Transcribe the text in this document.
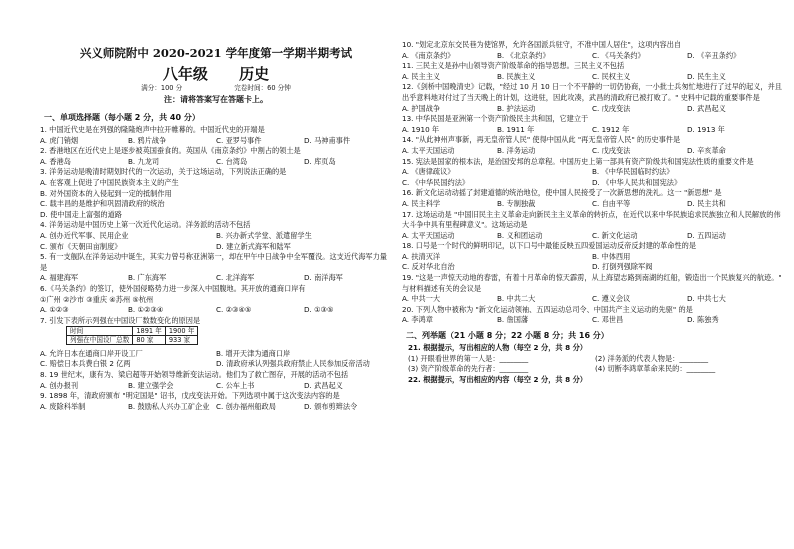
兴义师院附中 2020-2021 学年度第一学期半期考试
八年级 历史
满分：100 分	完卷时间：60 分钟
注：请将答案写在答题卡上。
一、单项选择题（每小题 2 分，共 40 分）
1. 中国近代史是在列强的隆隆炮声中拉开帷幕的。中国近代史的开端是
A. 虎门销烟	B. 鸦片战争	C. 亚罗号事件	D. 马神甫事件
2. 香港地区在近代史上是逐步被英国蚕食的。英国从《南京条约》中割占的领土是
A. 香港岛	B. 九龙司	C. 台湾岛	D. 库页岛
3. 洋务运动是晚清时期划时代的一次运动，关于这场运动，下列说法正确的是
A. 在客观上促进了中国民族资本主义的产生
B. 对外国资本的入侵起到一定的抵制作用
C. 载丰昌的是维护和巩固清政府的统治
D. 使中国走上富强的道路
4. 洋务运动是中国历史上第一次近代化运动。洋务派的活动不包括
A. 创办近代军事、民用企业	B. 兴办新式学堂、派遣留学生
C. 颁布《天朝田亩制度》	D. 建立新式海军和陆军
5. 有一支舰队在洋务运动中诞生，其实力曾号称亚洲第一，却在甲午中日战争中全军覆没。这支近代海军力量是
A. 福建海军	B. 广东海军	C. 北洋海军	D. 南洋海军
6.《马关条约》的签订，使外国侵略势力进一步深入中国腹地。其开放的通商口岸有
①广州 ②沙市 ③重庆 ④苏州 ⑤杭州
A. ①②③	B. ①②③④	C. ②③④⑤	D. ①③⑤
7. 引发下表所示列强在中国设厂数数变化的原因是
时间	1891 年	1900 年
列强在中国设厂总数	80 家	933 家
A. 允许日本在通商口岸开设工厂	B. 增开天津为通商口岸
C. 赔偿日本兵费白银 2 亿两	D. 清政府承认列强兵政府禁止人民参加反帝活动
8. 19 世纪末，康有为、梁启超等开始领导维新变法运动。他们为了救亡图存，开展的活动不包括
A. 创办报刊	B. 建立强学会	C. 公车上书	D. 武昌起义
9. 1898 年，清政府颁布 "明定国是" 诏书，戊戌变法开始。下列选项中属于这次变法内容的是
A. 废除科举制	B. 鼓励私人兴办工矿企业 C. 创办福州船政局	D. 颁布剪辫法令
10. "划定北京东交民巷为使馆界，允许各国派兵驻守，不准中国人居住"，这项内容出自
A. 《南京条约》	B. 《北京条约》	C. 《马关条约》	D. 《辛丑条约》
11. 三民主义是孙中山领导资产阶级革命的指导思想。三民主义不包括
A. 民主主义	B. 民族主义	C. 民权主义	D. 民生主义
12.《剑桥中国晚清史》记载，"经过 10 月 10 日一个不平静的一切仍协商，一小批士兵匆忙地进行了过早的起义，并且出乎意料地对付过了当天晚上的计划，这进驻，因此攻凑，武昌的清政府已被打败了。" 史料中记载的重要事件是
A. 护国战争	B. 护法运动	C. 戊戌变法	D. 武昌起义
13. 中华民国是亚洲第一个资产阶级民主共和国，它建立于
A. 1910 年	B. 1911 年	C. 1912 年	D. 1913 年
14. "从此神州声事新，再无皇帝管人民" 使得中国从此 "再无皇帝管人民" 的历史事件是
A. 太平天国运动	B. 洋务运动	C. 戊戌变法	D. 辛亥革命
15. 宪法是国家的根本法，是治国安邦的总章程。中国历史上第一部具有资产阶级共和国宪法性质的重要文件是
A. 《唐律疏议》	B. 《中华民国临时约法》
C. 《中华民国约法》	D. 《中华人民共和国宪法》
16. 新文化运动动摇了封建道德的统治地位，使中国人民接受了一次新思想的洗礼。这一 "新思想" 是
A. 民主科学	B. 专制独裁	C. 自由平等	D. 民主共和
17. 这场运动是 "中国旧民主主义革命走向新民主主义革命的转折点，在近代以来中华民族追求民族独立和人民解放的伟大斗争中具有里程碑意义"。这场运动是
A. 太平天国运动	B. 义和团运动	C. 新文化运动	D. 五四运动
18. 口号是一个时代的鲜明印记，以下口号中最能反映五四爱国运动反帝反封建的革命性的是
A. 扶清灭洋	B. 中体西用
C. 反对华北自治	D. 打倒列强除军阀
19. "这是一声惊天动地的春雷，有着十月革命的惊天霹雳，从上海望志路到南湖的红船，锻造出一个民族复兴的航迹。" 与材料描述有关的会议是
A. 中共一大	B. 中共二大	C. 遵义会议	D. 中共七大
20. 下列人物中被称为 "新文化运动领袖、五四运动总司令、中国共产主义运动的先驱" 的是
A. 李鸿章	B. 詹国藩	C. 邓世昌	D. 陈独秀
二、列举题（21 小题 8 分；22 小题 8 分；共 16 分）
21. 根据提示，写出相应的人物（每空 2 分，共 8 分）
(1) 开眼看世界的第一人是：________	(2) 洋务派的代表人物是：________
(3) 资产阶级革命的先行者：________	(4) 切断李鸿章革命来民的：________
22. 根据提示，写出相应的内容（每空 2 分，共 8 分）
